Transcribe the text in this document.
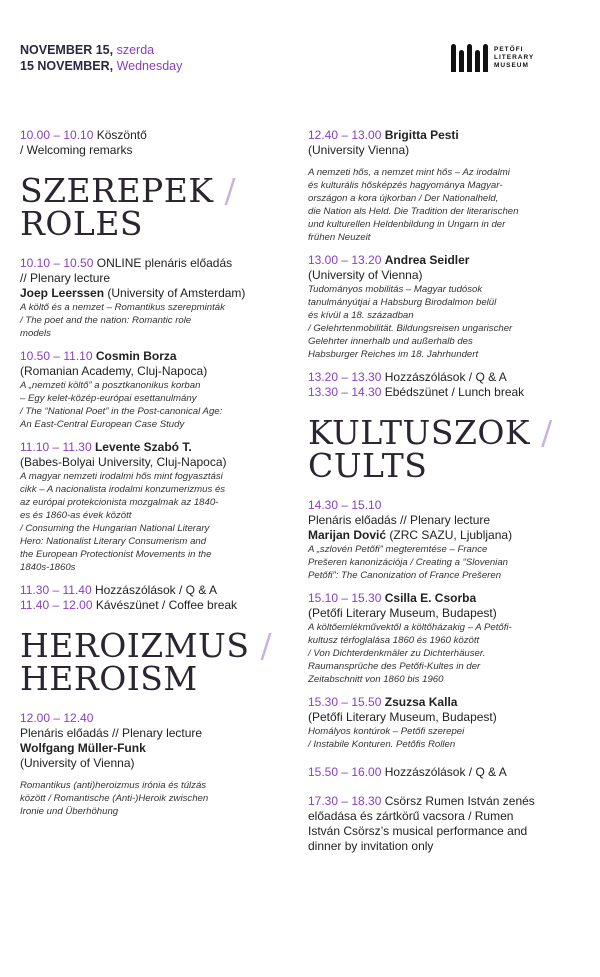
NOVEMBER 15, szerda
15 NOVEMBER, Wednesday
PETŐFI
LITERARY
MUSEUM
10.00 – 10.10 Köszöntő
/ Welcoming remarks
SZEREPEK /
ROLES
10.10 – 10.50 ONLINE plenáris előadás
// Plenary lecture
Joep Leerssen (University of Amsterdam)
A költő és a nemzet – Romantikus szerepminták
/ The poet and the nation: Romantic role
models
10.50 – 11.10 Cosmin Borza
(Romanian Academy, Cluj-Napoca)
A „nemzeti költő” a posztkanonikus korban
– Egy kelet-közép-európai esettanulmány
/ The “National Poet” in the Post-canonical Age:
An East-Central European Case Study
11.10 – 11.30 Levente Szabó T.
(Babes-Bolyai University, Cluj-Napoca)
A magyar nemzeti irodalmi hős mint fogyasztási
cikk – A nacionalista irodalmi konzumerizmus és
az európai protekcionista mozgalmak az 1840-
es és 1860-as évek között
/ Consuming the Hungarian National Literary
Hero: Nationalist Literary Consumerism and
the European Protectionist Movements in the
1840s-1860s
11.30 – 11.40 Hozzászólások / Q & A
11.40 – 12.00 Kávészünet / Coffee break
HEROIZMUS /
HEROISM
12.00 – 12.40
Plenáris előadás // Plenary lecture
Wolfgang Müller-Funk
(University of Vienna)
Romantikus (anti)heroizmus irónia és túlzás
között / Romantische (Anti-)Heroik zwischen
Ironie und Überhöhung
12.40 – 13.00 Brigitta Pesti
(University Vienna)
A nemzeti hős, a nemzet mint hős – Az irodalmi
és kulturális hősképzés hagyománya Magyar-
országon a kora újkorban / Der Nationalheld,
die Nation als Held. Die Tradition der literarischen
und kulturellen Heldenbildung in Ungarn in der
frühen Neuzeit
13.00 – 13.20 Andrea Seidler
(University of Vienna)
Tudományos mobilitás – Magyar tudósok
tanulmányútjai a Habsburg Birodalmon belül
és kívül a 18. században
/ Gelehrtenmobilität. Bildungsreisen ungarischer
Gelehrter innerhalb und außerhalb des
Habsburger Reiches im 18. Jahrhundert
13.20 – 13.30 Hozzászólások / Q & A
13.30 – 14.30 Ebédszünet / Lunch break
KULTUSZOK /
CULTS
14.30 – 15.10
Plenáris előadás // Plenary lecture
Marijan Dović (ZRC SAZU, Ljubljana)
A „szlovén Petőfi” megteremtése – France
Prešeren kanonizációja / Creating a “Slovenian
Petőfi”: The Canonization of France Prešeren
15.10 – 15.30 Csilla E. Csorba
(Petőfi Literary Museum, Budapest)
A költőemlékművektől a költőházakig – A Petőfi-
kultusz térfoglalása 1860 és 1960 között
/ Von Dichterdenkmäler zu Dichterhäuser.
Raumansprüche des Petőfi-Kultes in der
Zeitabschnitt von 1860 bis 1960
15.30 – 15.50 Zsuzsa Kalla
(Petőfi Literary Museum, Budapest)
Homályos kontúrok – Petőfi szerepei
/ Instabile Konturen. Petőfis Rollen
15.50 – 16.00 Hozzászólások / Q & A
17.30 – 18.30 Csörsz Rumen István zenés
előadása és zártkörű vacsora / Rumen
István Csörsz’s musical performance and
dinner by invitation only
